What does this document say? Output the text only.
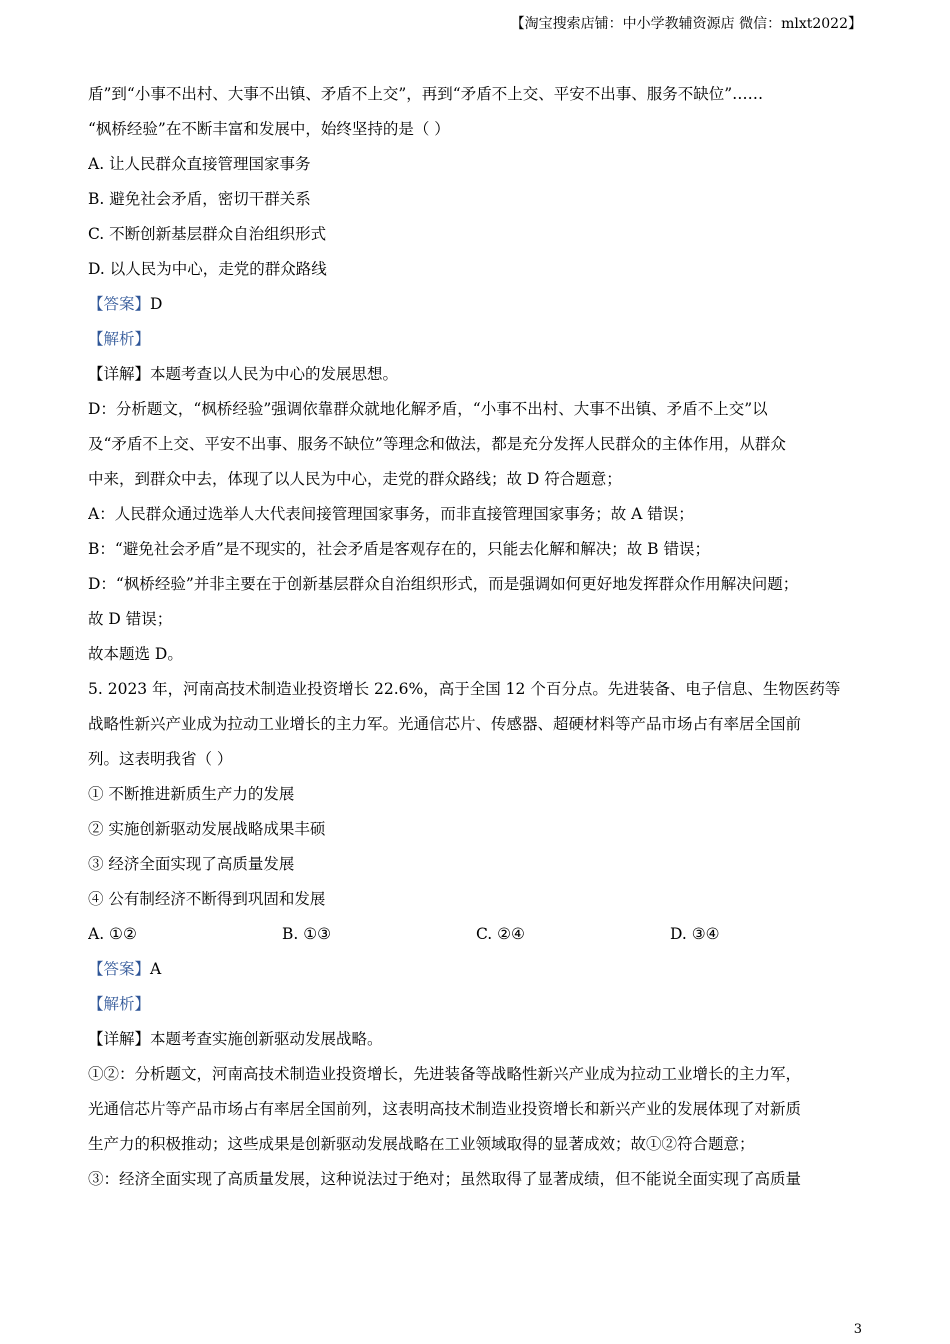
【淘宝搜索店铺：中小学教辅资源店 微信：mlxt2022】
盾”到“小事不出村、大事不出镇、矛盾不上交”，再到“矛盾不上交、平安不出事、服务不缺位”……
“枫桥经验”在不断丰富和发展中，始终坚持的是（ ）
A. 让人民群众直接管理国家事务
B. 避免社会矛盾，密切干群关系
C. 不断创新基层群众自治组织形式
D. 以人民为中心，走党的群众路线
【答案】D
【解析】
【详解】本题考查以人民为中心的发展思想。
D：分析题文，“枫桥经验”强调依靠群众就地化解矛盾，“小事不出村、大事不出镇、矛盾不上交”以
及“矛盾不上交、平安不出事、服务不缺位”等理念和做法，都是充分发挥人民群众的主体作用，从群众
中来，到群众中去，体现了以人民为中心，走党的群众路线；故 D 符合题意；
A：人民群众通过选举人大代表间接管理国家事务，而非直接管理国家事务；故 A 错误；
B：“避免社会矛盾”是不现实的，社会矛盾是客观存在的，只能去化解和解决；故 B 错误；
D：“枫桥经验”并非主要在于创新基层群众自治组织形式，而是强调如何更好地发挥群众作用解决问题；
故 D 错误；
故本题选 D。
5. 2023 年，河南高技术制造业投资增长 22.6%，高于全国 12 个百分点。先进装备、电子信息、生物医药等
战略性新兴产业成为拉动工业增长的主力军。光通信芯片、传感器、超硬材料等产品市场占有率居全国前
列。这表明我省（ ）
① 不断推进新质生产力的发展
② 实施创新驱动发展战略成果丰硕
③ 经济全面实现了高质量发展
④ 公有制经济不断得到巩固和发展
A. ①②	B. ①③	C. ②④	D. ③④
【答案】A
【解析】
【详解】本题考查实施创新驱动发展战略。
①②：分析题文，河南高技术制造业投资增长，先进装备等战略性新兴产业成为拉动工业增长的主力军，
光通信芯片等产品市场占有率居全国前列，这表明高技术制造业投资增长和新兴产业的发展体现了对新质
生产力的积极推动；这些成果是创新驱动发展战略在工业领域取得的显著成效；故①②符合题意；
③：经济全面实现了高质量发展，这种说法过于绝对；虽然取得了显著成绩，但不能说全面实现了高质量
3
